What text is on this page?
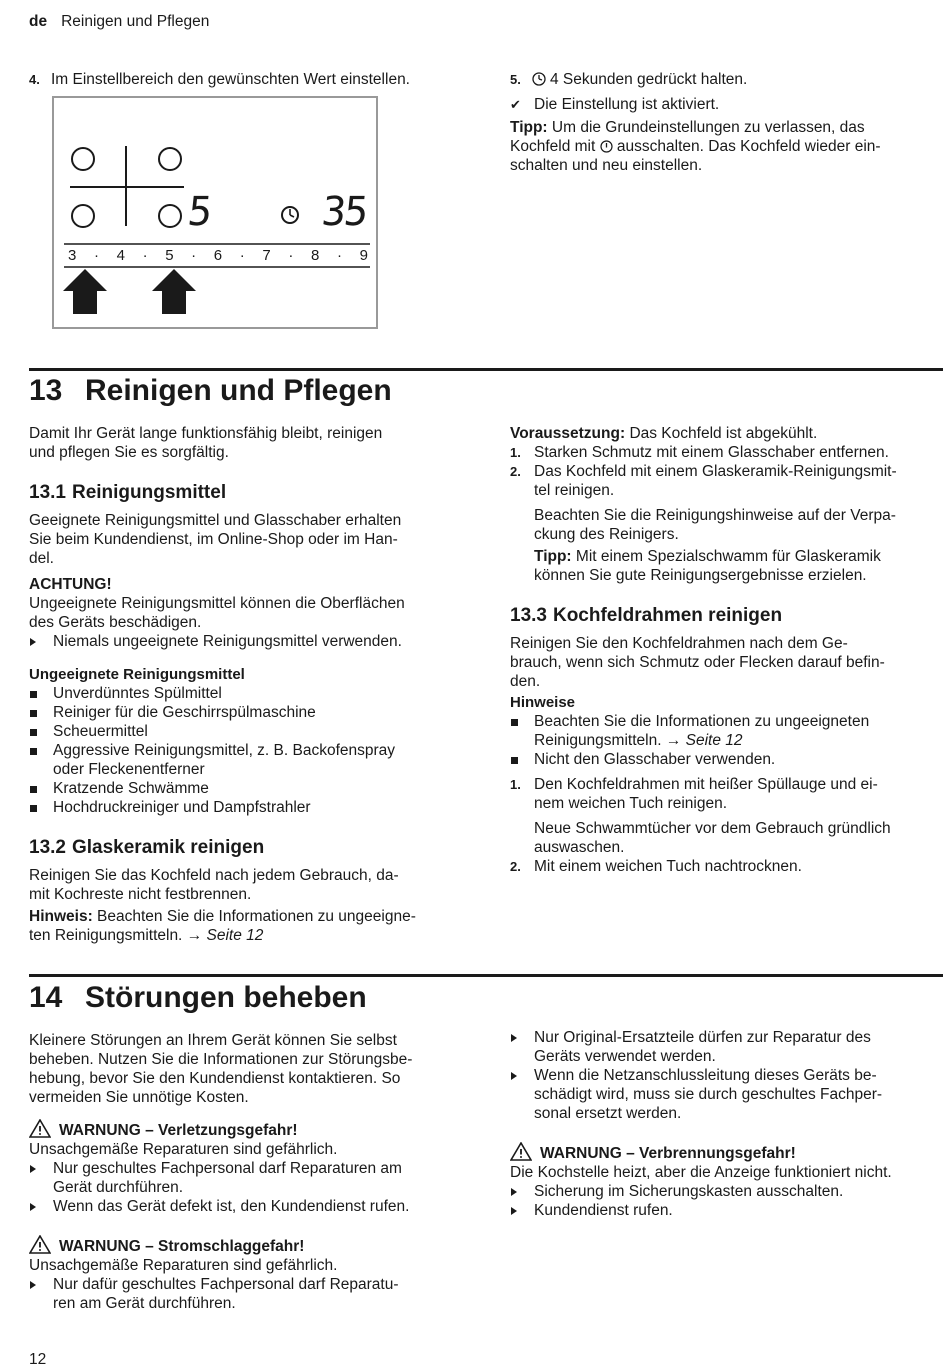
de Reinigen und Pflegen
4. Im Einstellbereich den gewünschten Wert einstellen.
5	35
3 · 4 · 5 · 6 · 7 · 8 · 9

5. 4 Sekunden gedrückt halten.

✔ Die Einstellung ist aktiviert.

Tipp: Um die Grundeinstellungen zu verlassen, das
Kochfeld mit ausschalten. Das Kochfeld wieder ein-
schalten und neu einstellen.

13 Reinigen und Pflegen

Damit Ihr Gerät lange funktionsfähig bleibt, reinigen
und pflegen Sie es sorgfältig.

13.1 Reinigungsmittel

Geeignete Reinigungsmittel und Glasschaber erhalten
Sie beim Kundendienst, im Online-Shop oder im Han-
del.

ACHTUNG!

Ungeeignete Reinigungsmittel können die Oberflächen
des Geräts beschädigen.

Niemals ungeeignete Reinigungsmittel verwenden.

Ungeeignete Reinigungsmittel

Unverdünntes Spülmittel
Reiniger für die Geschirrspülmaschine
Scheuermittel
Aggressive Reinigungsmittel, z. B. Backofenspray
oder Fleckenentferner
Kratzende Schwämme
Hochdruckreiniger und Dampfstrahler
13.2 Glaskeramik reinigen

Reinigen Sie das Kochfeld nach jedem Gebrauch, da-
mit Kochreste nicht festbrennen.

Hinweis: Beachten Sie die Informationen zu ungeeigne-
ten Reinigungsmitteln. → Seite 12

Voraussetzung: Das Kochfeld ist abgekühlt.

1. Starken Schmutz mit einem Glasschaber entfernen.
2. Das Kochfeld mit einem Glaskeramik-Reinigungsmit-
tel reinigen.

Beachten Sie die Reinigungshinweise auf der Verpa-
ckung des Reinigers.

Tipp: Mit einem Spezialschwamm für Glaskeramik
können Sie gute Reinigungsergebnisse erzielen.

13.3 Kochfeldrahmen reinigen

Reinigen Sie den Kochfeldrahmen nach dem Ge-
brauch, wenn sich Schmutz oder Flecken darauf befin-
den.

Hinweise

Beachten Sie die Informationen zu ungeeigneten
Reinigungsmitteln. → Seite 12
Nicht den Glasschaber verwenden.
1. Den Kochfeldrahmen mit heißer Spüllauge und ei-
nem weichen Tuch reinigen.

Neue Schwammtücher vor dem Gebrauch gründlich
auswaschen.

2. Mit einem weichen Tuch nachtrocknen.
14 Störungen beheben

Kleinere Störungen an Ihrem Gerät können Sie selbst
beheben. Nutzen Sie die Informationen zur Störungsbe-
hebung, bevor Sie den Kundendienst kontaktieren. So
vermeiden Sie unnötige Kosten.

WARNUNG – Verletzungsgefahr!

Unsachgemäße Reparaturen sind gefährlich.

Nur geschultes Fachpersonal darf Reparaturen am
Gerät durchführen.
Wenn das Gerät defekt ist, den Kundendienst rufen.

WARNUNG – Stromschlaggefahr!

Unsachgemäße Reparaturen sind gefährlich.

Nur dafür geschultes Fachpersonal darf Reparatu-
ren am Gerät durchführen.
Nur Original-Ersatzteile dürfen zur Reparatur des
Geräts verwendet werden.
Wenn die Netzanschlussleitung dieses Geräts be-
schädigt wird, muss sie durch geschultes Fachper-
sonal ersetzt werden.

WARNUNG – Verbrennungsgefahr!

Die Kochstelle heizt, aber die Anzeige funktioniert nicht.

Sicherung im Sicherungskasten ausschalten.
Kundendienst rufen.
12
